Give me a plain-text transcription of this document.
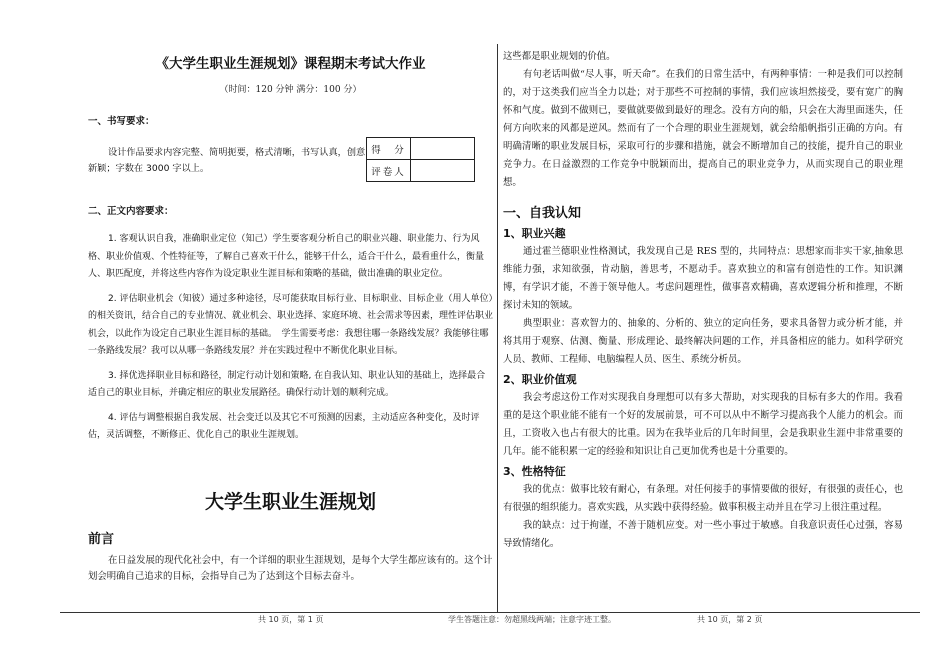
《大学生职业生涯规划》课程期末考试大作业
（时间：120 分钟 满分：100 分）
一、书写要求：
设计作品要求内容完整、简明扼要，格式清晰，书写认真，创意新颖；字数在 3000 字以上。
得　分	
评卷人	
二、正文内容要求：

1. 客观认识自我，准确职业定位（知己）学生要客观分析自己的职业兴趣、职业能力、行为风格、职业价值观、个性特征等，了解自己喜欢干什么，能够干什么，适合干什么，最看重什么，衡量人、职匹配度，并将这些内容作为设定职业生涯目标和策略的基础，做出准确的职业定位。

2. 评估职业机会（知彼）通过多种途径，尽可能获取目标行业、目标职业、目标企业（用人单位）的相关资讯，结合自己的专业情况、就业机会、职业选择、家庭环境、社会需求等因素，理性评估职业机会，以此作为设定自己职业生涯目标的基础。　学生需要考虑：我想往哪一条路线发展？我能够往哪一条路线发展？我可以从哪一条路线发展？并在实践过程中不断优化职业目标。

3. 择优选择职业目标和路径，制定行动计划和策略, 在自我认知、职业认知的基础上，选择最合适自己的职业目标，并确定相应的职业发展路径。确保行动计划的顺利完成。

4. 评估与调整根据自我发展、社会变迁以及其它不可预测的因素，主动适应各种变化，及时评估，灵活调整，不断修正、优化自己的职业生涯规划。

大学生职业生涯规划
前言

在日益发展的现代化社会中，有一个详细的职业生涯规划，是每个大学生都应该有的。这个计划会明确自己追求的目标，会指导自己为了达到这个目标去奋斗。

这些都是职业规划的价值。

有句老话叫做“尽人事，听天命”。在我们的日常生活中，有两种事情：一种是我们可以控制的，对于这类我们应当全力以赴；对于那些不可控制的事情，我们应该坦然接受，要有宽广的胸怀和气度。做到不做则已，要做就要做到最好的理念。没有方向的船，只会在大海里面迷失，任何方向吹来的风都是逆风。然而有了一个合理的职业生涯规划，就会给船帆指引正确的方向。有明确清晰的职业发展目标，采取可行的步骤和措施，就会不断增加自己的技能，提升自己的职业竞争力。在日益激烈的工作竞争中脱颖而出，提高自己的职业竞争力，从而实现自己的职业理想。

一、自我认知
1、职业兴趣

通过霍兰德职业性格测试，我发现自己是 RES 型的，共同特点：思想家而非实干家,抽象思维能力强，求知欲强，肯动脑，善思考，不愿动手。喜欢独立的和富有创造性的工作。知识渊博，有学识才能，不善于领导他人。考虑问题理性，做事喜欢精确，喜欢逻辑分析和推理，不断探讨未知的领域。

典型职业：喜欢智力的、抽象的、分析的、独立的定向任务，要求具备智力或分析才能，并将其用于观察、估测、衡量、形成理论、最终解决问题的工作，并具备相应的能力。如科学研究人员、教师、工程师、电脑编程人员、医生、系统分析员。

2、职业价值观

我会考虑这份工作对实现我自身理想可以有多大帮助，对实现我的目标有多大的作用。我看重的是这个职业能不能有一个好的发展前景，可不可以从中不断学习提高我个人能力的机会。而且，工资收入也占有很大的比重。因为在我毕业后的几年时间里，会是我职业生涯中非常重要的几年。能不能积累一定的经验和知识让自己更加优秀也是十分重要的。

3、性格特征

我的优点：做事比较有耐心，有条理。对任何接手的事情要做的很好，有很强的责任心，也有很强的组织能力。喜欢实践，从实践中获得经验。做事积极主动并且在学习上很注重过程。

我的缺点：过于拘谨，不善于随机应变。对一些小事过于敏感。自我意识责任心过强，容易导致情绪化。

共 10 页，第 1 页	学生答题注意：勿超黑线两端；注意字迹工整。	共 10 页，第 2 页
